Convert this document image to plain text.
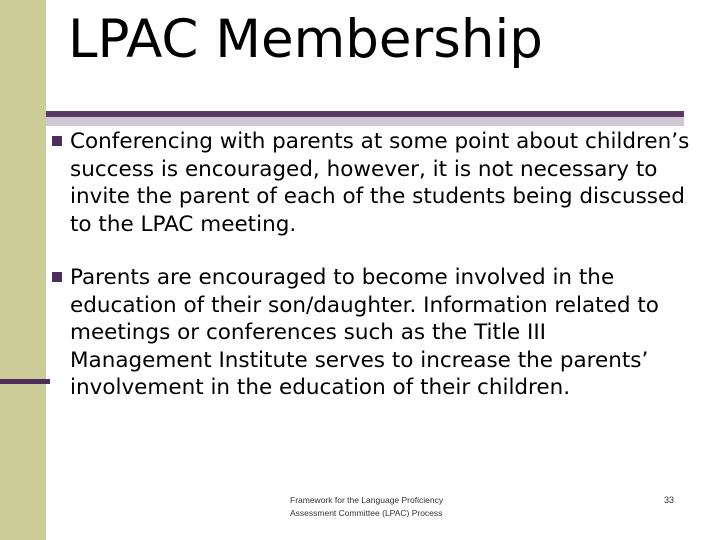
LPAC Membership
Conferencing with parents at some point about children’s success is encouraged, however, it is not necessary to invite the parent of each of the students being discussed to the LPAC meeting.
Parents are encouraged to become involved in the education of their son/daughter. Information related to meetings or conferences such as the Title III Management Institute serves to increase the parents’ involvement in the education of their children.
Framework for the Language Proficiency
Assessment Committee (LPAC) Process
33
